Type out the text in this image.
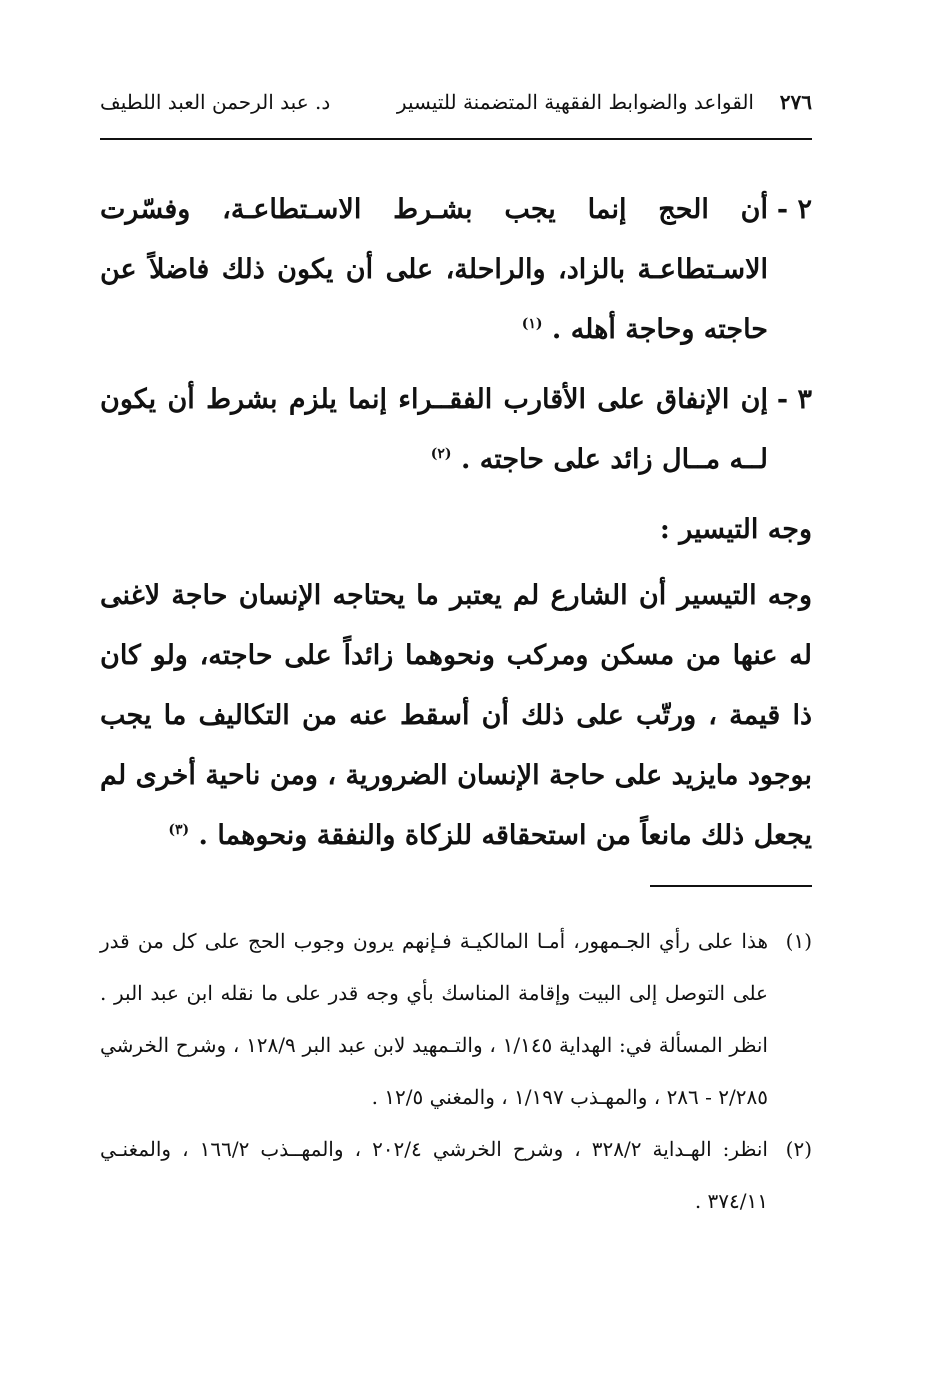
٢٧٦
القواعد والضوابط الفقهية المتضمنة للتيسير
د. عبد الرحمن العبد اللطيف
٢ -
أن الحج إنما يجب بشـرط الاسـتطاعـة، وفسّرت الاسـتطاعـة بالزاد، والراحلة، على أن يكون ذلك فاضلاً عن حاجته وحاجة أهله . $^{(١)}$
٣ -
إن الإنفاق على الأقارب الفقــراء إنما يلزم بشرط أن يكون لــه مــال زائد على حاجته . $^{(٢)}$
وجه التيسير :
وجه التيسير أن الشارع لم يعتبر ما يحتاجه الإنسان حاجة لاغنى له عنها من مسكن ومركب ونحوهما زائداً على حاجته، ولو كان ذا قيمة ، ورتّب على ذلك أن أسقط عنه من التكاليف ما يجب بوجود مايزيد على حاجة الإنسان الضرورية ، ومن ناحية أخرى لم يجعل ذلك مانعاً من استحقاقه للزكاة والنفقة ونحوهما . $^{(٣)}$
(١)
هذا على رأي الجـمهور، أمـا المالكيـة فـإنهم يرون وجوب الحج على كل من قدر على التوصل إلى البيت وإقامة المناسك بأي وجه قدر على ما نقله ابن عبد البر . انظر المسألة في: الهداية ١/١٤٥ ، والتـمهيد لابن عبد البر ١٢٨/٩ ، وشرح الخرشي ٢/٢٨٥ - ٢٨٦ ، والمهـذب ١/١٩٧ ، والمغني ١٢/٥ .
(٢)
انظر: الهـداية ٣٢٨/٢ ، وشرح الخرشي ٢٠٢/٤ ، والمهــذب ١٦٦/٢ ، والمغنـي ٣٧٤/١١ .
